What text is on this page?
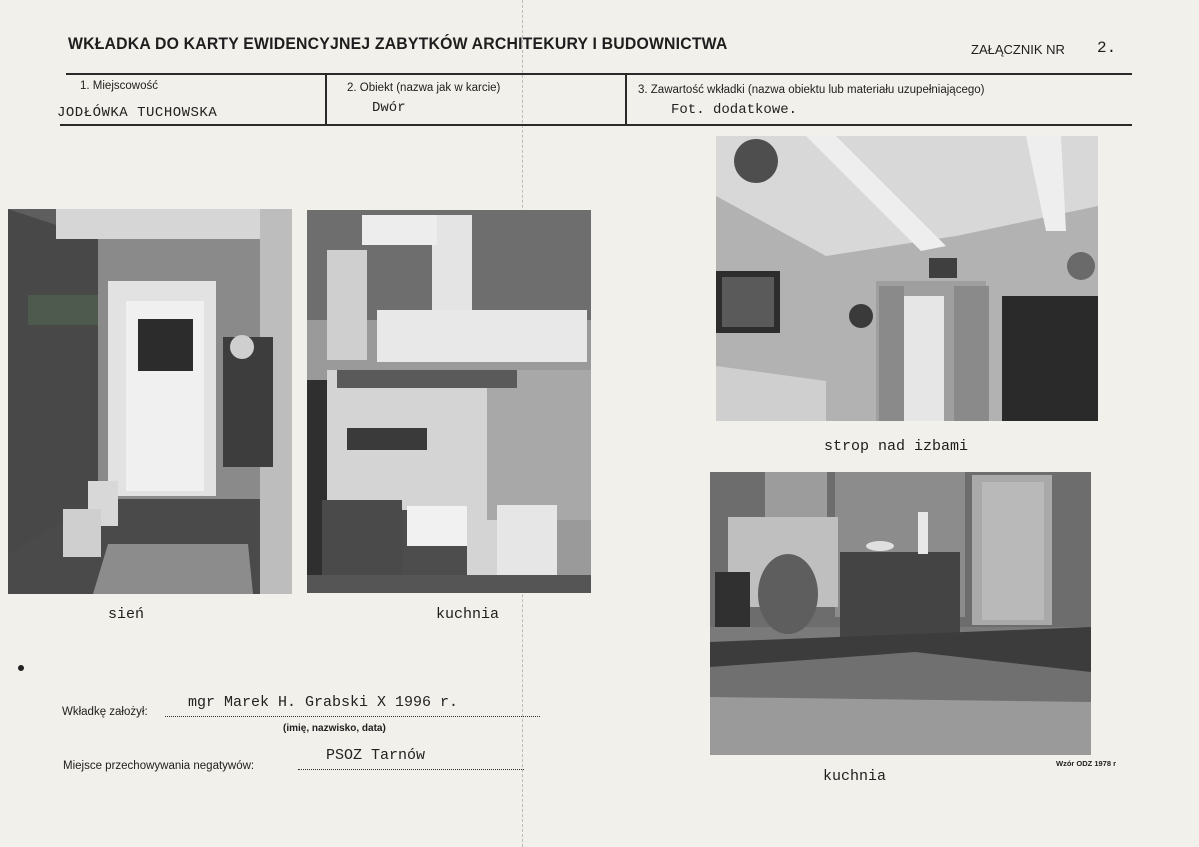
WKŁADKA DO KARTY EWIDENCYJNEJ ZABYTKÓW ARCHITEKURY I BUDOWNICTWA	ZAŁĄCZNIK NR 2.
1. Miejscowość
JODŁÓWKA TUCHOWSKA
2. Obiekt (nazwa jak w karcie)
Dwór
3. Zawartość wkładki (nazwa obiektu lub materiału uzupełniającego)
Fot. dodatkowe.
sień	kuchnia
strop nad izbami
kuchnia
Wkładkę założył:
mgr Marek H. Grabski X 1996 r.
(imię, nazwisko, data)
Miejsce przechowywania negatywów:
PSOZ Tarnów	Wzór ODZ 1978 r
